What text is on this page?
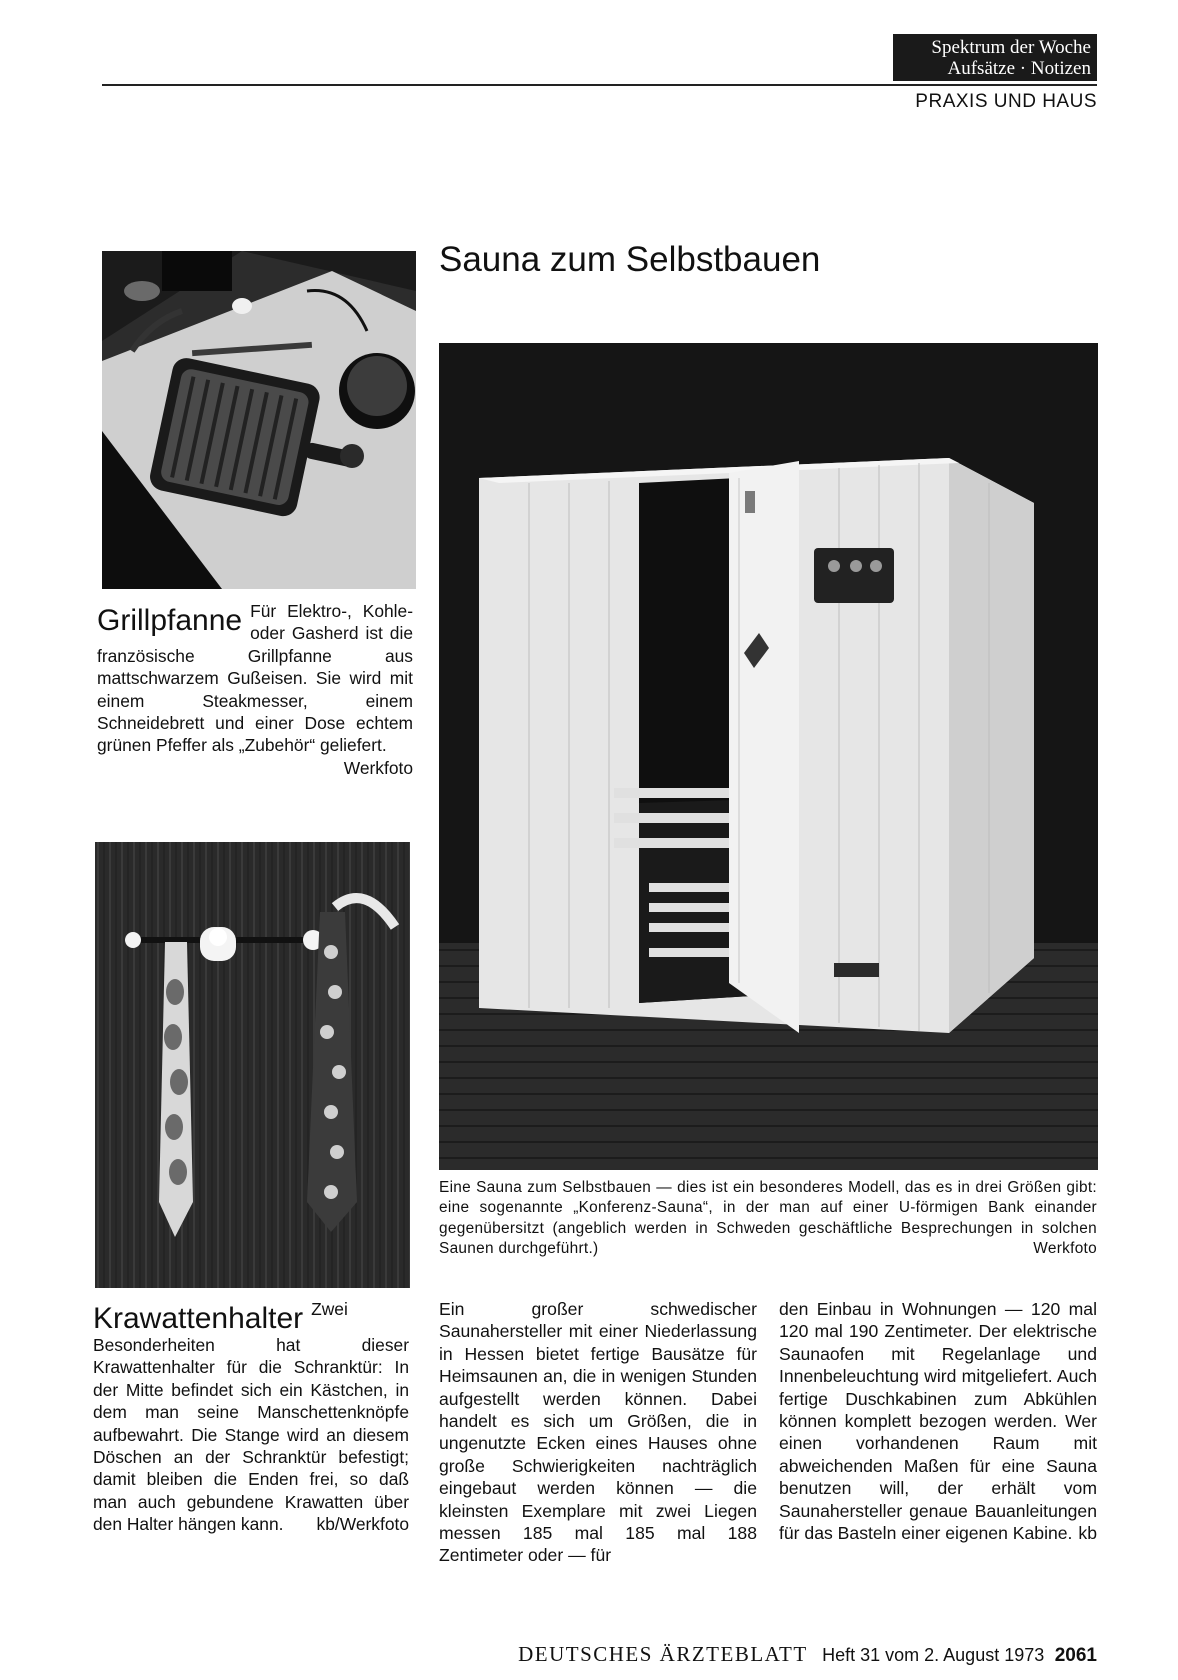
Spektrum der Woche
Aufsätze · Notizen
PRAXIS UND HAUS
Sauna zum Selbstbauen
Grillpfanne Für Elektro-, Kohle- oder Gasherd ist die französische Grillpfanne aus mattschwarzem Gußeisen. Sie wird mit einem Steakmesser, einem Schneidebrett und einer Dose echtem grünen Pfeffer als „Zubehör“ geliefert.
Werkfoto
Krawattenhalter Zwei Besonderheiten hat dieser Krawattenhalter für die Schranktür: In der Mitte befindet sich ein Kästchen, in dem man seine Manschettenknöpfe aufbewahrt. Die Stange wird an diesem Döschen an der Schranktür befestigt; damit bleiben die Enden frei, so daß man auch gebundene Krawatten über den Halter hängen kann. kb/Werkfoto
Eine Sauna zum Selbstbauen — dies ist ein besonderes Modell, das es in drei Größen gibt: eine sogenannte „Konferenz-Sauna“, in der man auf einer U-förmigen Bank einander gegenübersitzt (angeblich werden in Schweden geschäftliche Besprechungen in solchen Saunen durchgeführt.)	Werkfoto
Ein großer schwedischer Saunahersteller mit einer Niederlassung in Hessen bietet fertige Bausätze für Heimsaunen an, die in wenigen Stunden aufgestellt werden können. Dabei handelt es sich um Größen, die in ungenutzte Ecken eines Hauses ohne große Schwierigkeiten nachträglich eingebaut werden können — die kleinsten Exemplare mit zwei Liegen messen 185 mal 185 mal 188 Zentimeter oder — für
den Einbau in Wohnungen — 120 mal 120 mal 190 Zentimeter. Der elektrische Saunaofen mit Regelanlage und Innenbeleuchtung wird mitgeliefert. Auch fertige Duschkabinen zum Abkühlen können komplett bezogen werden. Wer einen vorhandenen Raum mit abweichenden Maßen für eine Sauna benutzen will, der erhält vom Saunahersteller genaue Bauanleitungen für das Basteln einer eigenen Kabine. kb
DEUTSCHES ÄRZTEBLATT Heft 31 vom 2. August 1973 2061
